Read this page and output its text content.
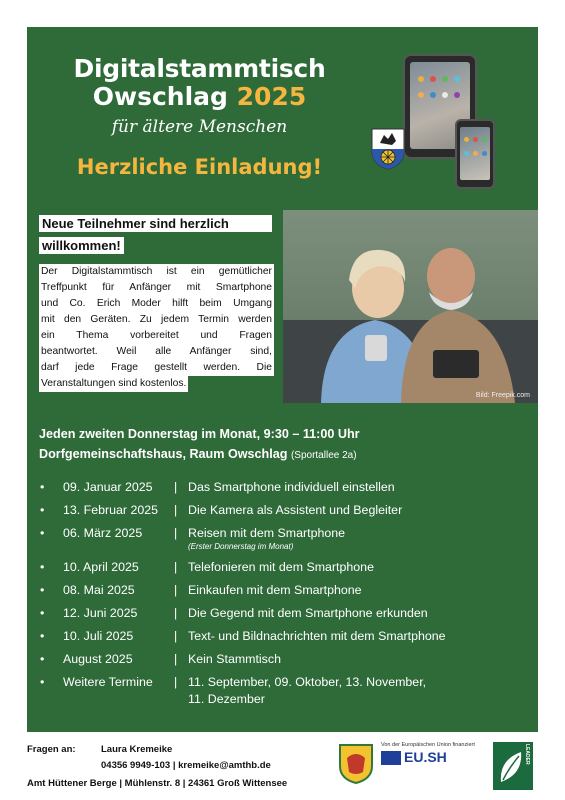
Digitalstammtisch
Owschlag 2025
für ältere Menschen
Herzliche Einladung!
Neue Teilnehmer sind herzlich
willkommen!
Der Digitalstammtisch ist ein gemütlicher
Treffpunkt für Anfänger mit Smartphone
und Co. Erich Moder hilft beim Umgang
mit den Geräten. Zu jedem Termin werden
ein Thema vorbereitet und Fragen
beantwortet. Weil alle Anfänger sind,
darf jede Frage gestellt werden. Die
Veranstaltungen sind kostenlos.
Bild: Freepik.com
Jeden zweiten Donnerstag im Monat, 9:30 – 11:00 Uhr
Dorfgemeinschaftshaus, Raum Owschlag (Sportallee 2a)
• 09. Januar 2025 | Das Smartphone individuell einstellen
• 13. Februar 2025 | Die Kamera als Assistent und Begleiter
• 06. März 2025	| Reisen mit dem Smartphone
(Erster Donnerstag im Monat)
• 10. April 2025	| Telefonieren mit dem Smartphone
• 08. Mai 2025	| Einkaufen mit dem Smartphone
• 12. Juni 2025	| Die Gegend mit dem Smartphone erkunden
• 10. Juli 2025	| Text- und Bildnachrichten mit dem Smartphone
• August 2025	| Kein Stammtisch
• Weitere Termine | 11. September, 09. Oktober, 13. November,
11. Dezember
Fragen an:	Laura Kremeike
04356 9949-103 | kremeike@amthb.de
Amt Hüttener Berge | Mühlenstr. 8 | 24361 Groß Wittensee
Von der Europäischen Union finanziert
EU.SH	LEADER
